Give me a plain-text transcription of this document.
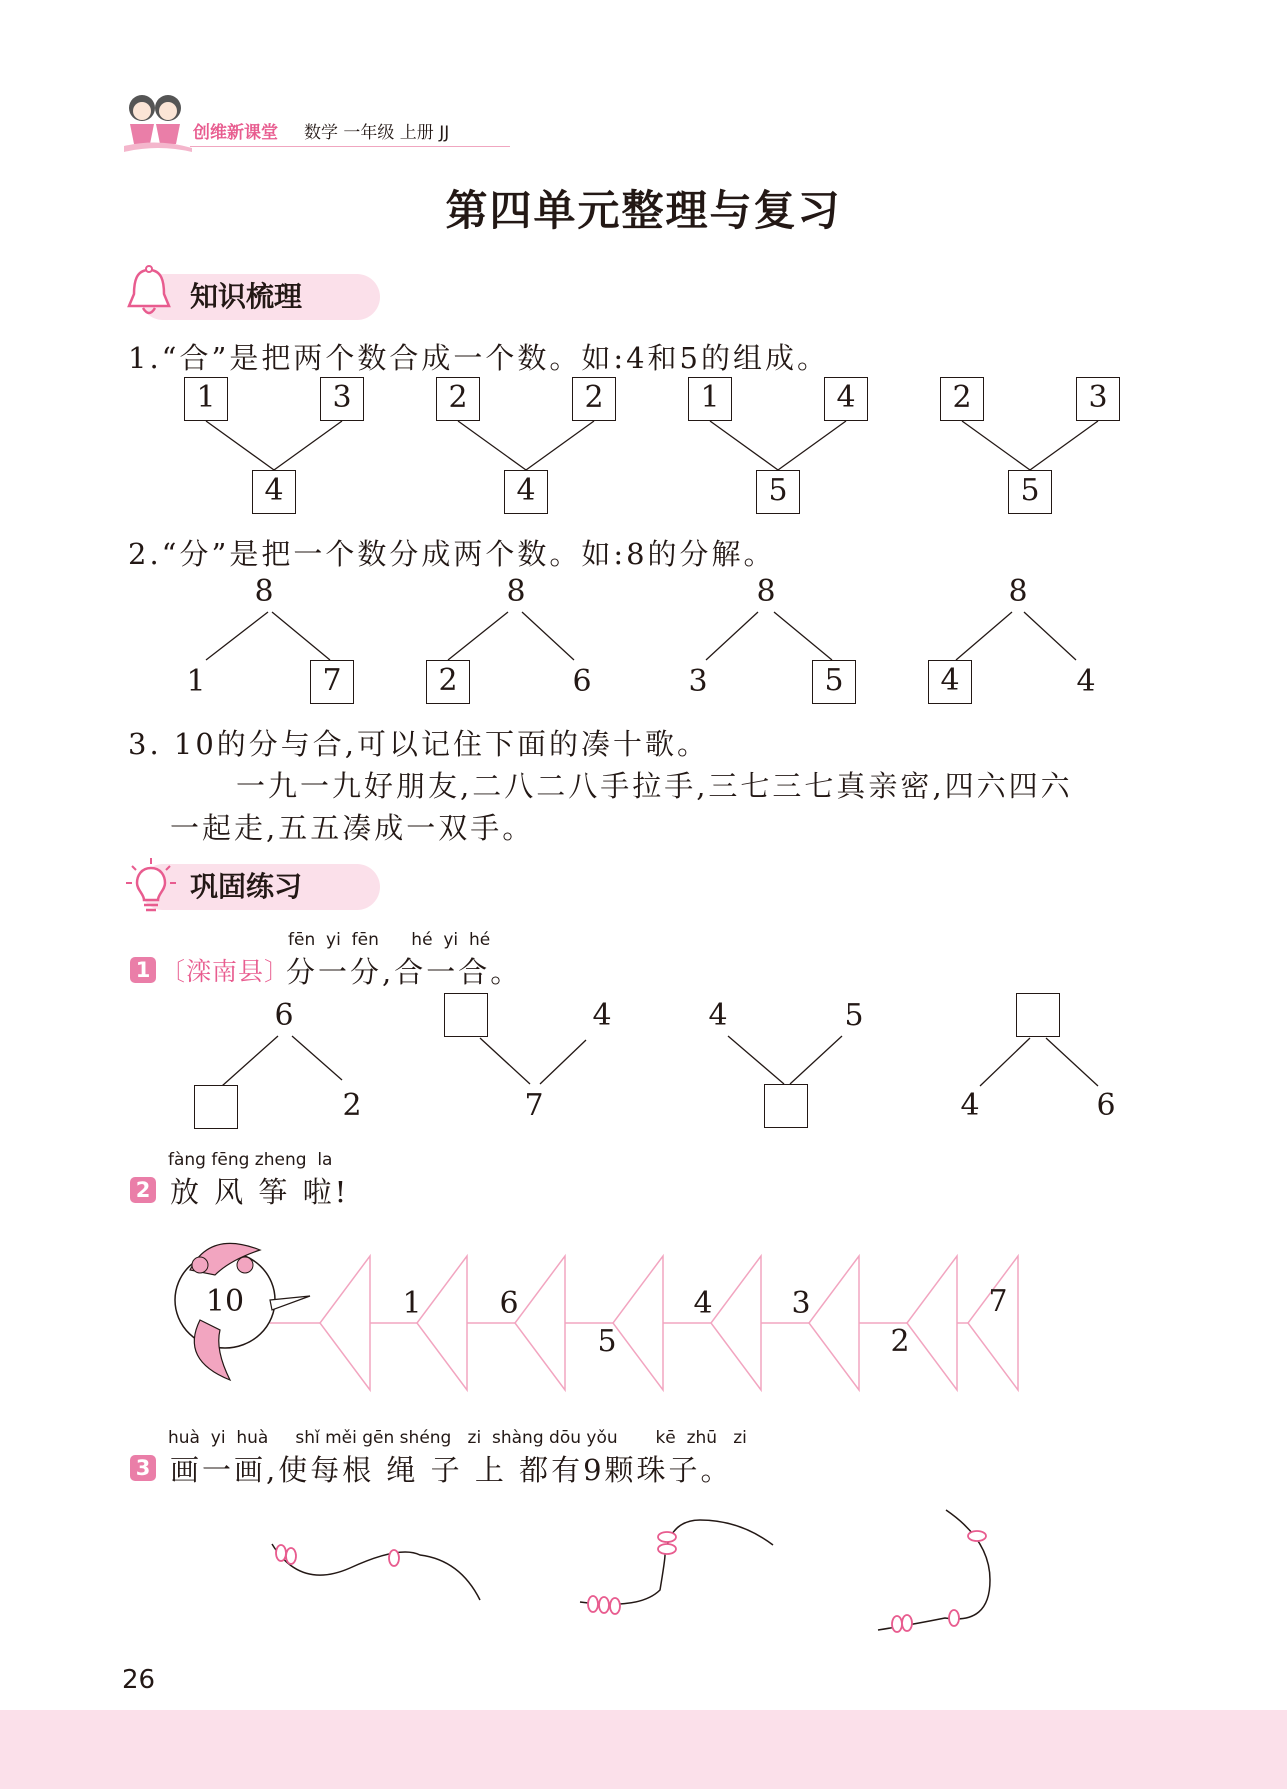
创维新课堂 数学 一年级 上册 JJ
第四单元整理与复习
知识梳理
1.“合”是把两个数合成一个数。如:4和5的组成。
1	3
4
2	2
4
1	4
5
2	3
5
2.“分”是把一个数分成两个数。如:8的分解。
8
1	7
8
2	6
8
3	5
8
4	4
3. 10的分与合,可以记住下面的凑十歌。
一九一九好朋友,二八二八手拉手,三七三七真亲密,四六四六
一起走,五五凑成一双手。
巩固练习
fēn yi fēn hé yi hé
1 〔滦南县〕
分一分,合一合。
6
2
4
7
4	5
4	6
fàng fēng zheng  la
2 放 风 筝 啦!
10	1	6
5
4	3
2
7
huà  yi  huà     shǐ měi gēn shéng   zi  shàng dōu yǒu       kē  zhū   zi
3 画一画,使每根 绳 子 上 都有9颗珠子。
26
